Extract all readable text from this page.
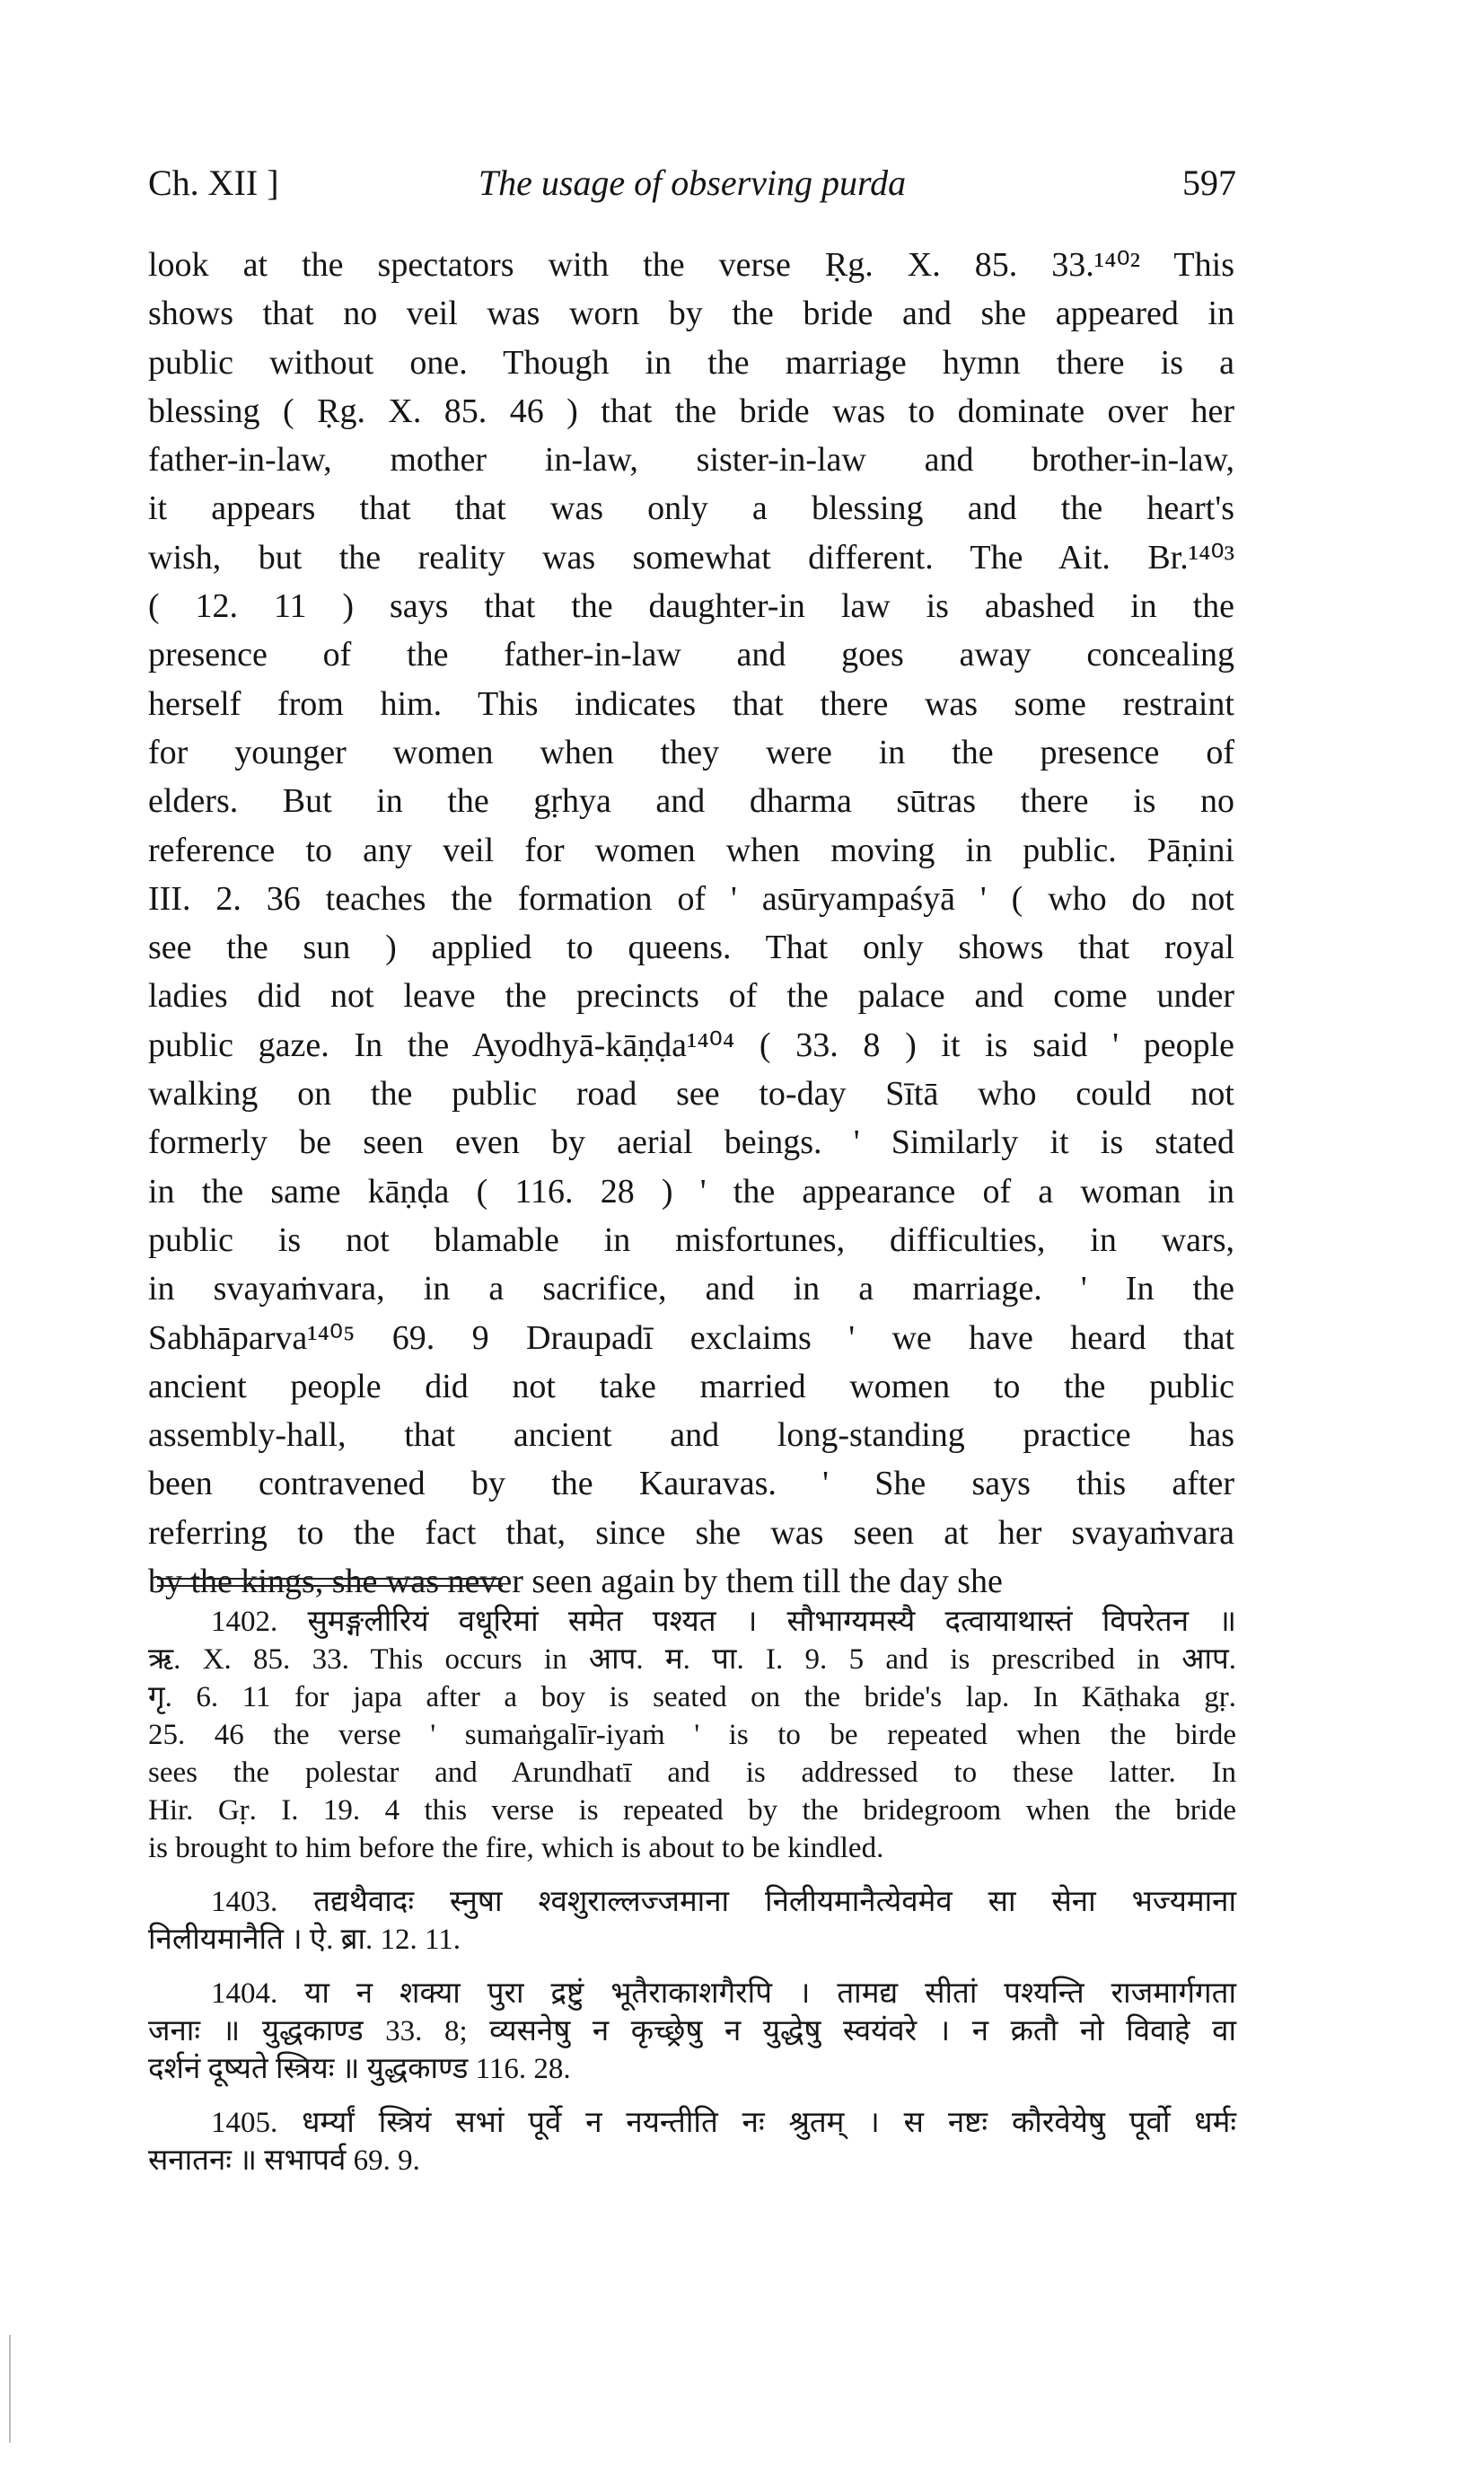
Ch. XII ]	The usage of observing purda	597
look at the spectators with the verse Ṛg. X. 85. 33.¹⁴⁰² This
shows that no veil was worn by the bride and she appeared in
public without one. Though in the marriage hymn there is a
blessing ( Ṛg. X. 85. 46 ) that the bride was to dominate over her
father-in-law, mother in-law, sister-in-law and brother-in-law,
it appears that that was only a blessing and the heart's
wish, but the reality was somewhat different. The Ait. Br.¹⁴⁰³
( 12. 11 ) says that the daughter-in law is abashed in the
presence of the father-in-law and goes away concealing
herself from him. This indicates that there was some restraint
for younger women when they were in the presence of
elders. But in the gṛhya and dharma sūtras there is no
reference to any veil for women when moving in public. Pāṇini
III. 2. 36 teaches the formation of ' asūryampaśyā ' ( who do not
see the sun ) applied to queens. That only shows that royal
ladies did not leave the precincts of the palace and come under
public gaze. In the Ayodhyā-kāṇḍa¹⁴⁰⁴ ( 33. 8 ) it is said ' people
walking on the public road see to-day Sītā who could not
formerly be seen even by aerial beings. ' Similarly it is stated
in the same kāṇḍa ( 116. 28 ) ' the appearance of a woman in
public is not blamable in misfortunes, difficulties, in wars,
in svayaṁvara, in a sacrifice, and in a marriage. ' In the
Sabhāparva¹⁴⁰⁵ 69. 9 Draupadī exclaims ' we have heard that
ancient people did not take married women to the public
assembly-hall, that ancient and long-standing practice has
been contravened by the Kauravas. ' She says this after
referring to the fact that, since she was seen at her svayaṁvara
by the kings, she was never seen again by them till the day she
1402. सुमङ्गलीरियं वधूरिमां समेत पश्यत । सौभाग्यमस्यै दत्वायाथास्तं विपरेतन ॥
ऋ. X. 85. 33. This occurs in आप. म. पा. I. 9. 5 and is prescribed in आप.
गृ. 6. 11 for japa after a boy is seated on the bride's lap. In Kāṭhaka gṛ.
25. 46 the verse ' sumaṅgalīr-iyaṁ ' is to be repeated when the birde
sees the polestar and Arundhatī and is addressed to these latter. In
Hir. Gṛ. I. 19. 4 this verse is repeated by the bridegroom when the bride
is brought to him before the fire, which is about to be kindled.
1403. तद्यथैवादः स्नुषा श्वशुराल्लज्जमाना निलीयमानैत्येवमेव सा सेना भज्यमाना
निलीयमानैति । ऐ. ब्रा. 12. 11.
1404. या न शक्या पुरा द्रष्टुं भूतैराकाशगैरपि । तामद्य सीतां पश्यन्ति राजमार्गगता
जनाः ॥ युद्धकाण्ड 33. 8; व्यसनेषु न कृच्छ्रेषु न युद्धेषु स्वयंवरे । न क्रतौ नो विवाहे वा
दर्शनं दूष्यते स्त्रियः ॥ युद्धकाण्ड 116. 28.
1405. धर्म्यां स्त्रियं सभां पूर्वे न नयन्तीति नः श्रुतम् । स नष्टः कौरवेयेषु पूर्वो धर्मः
सनातनः ॥ सभापर्व 69. 9.
